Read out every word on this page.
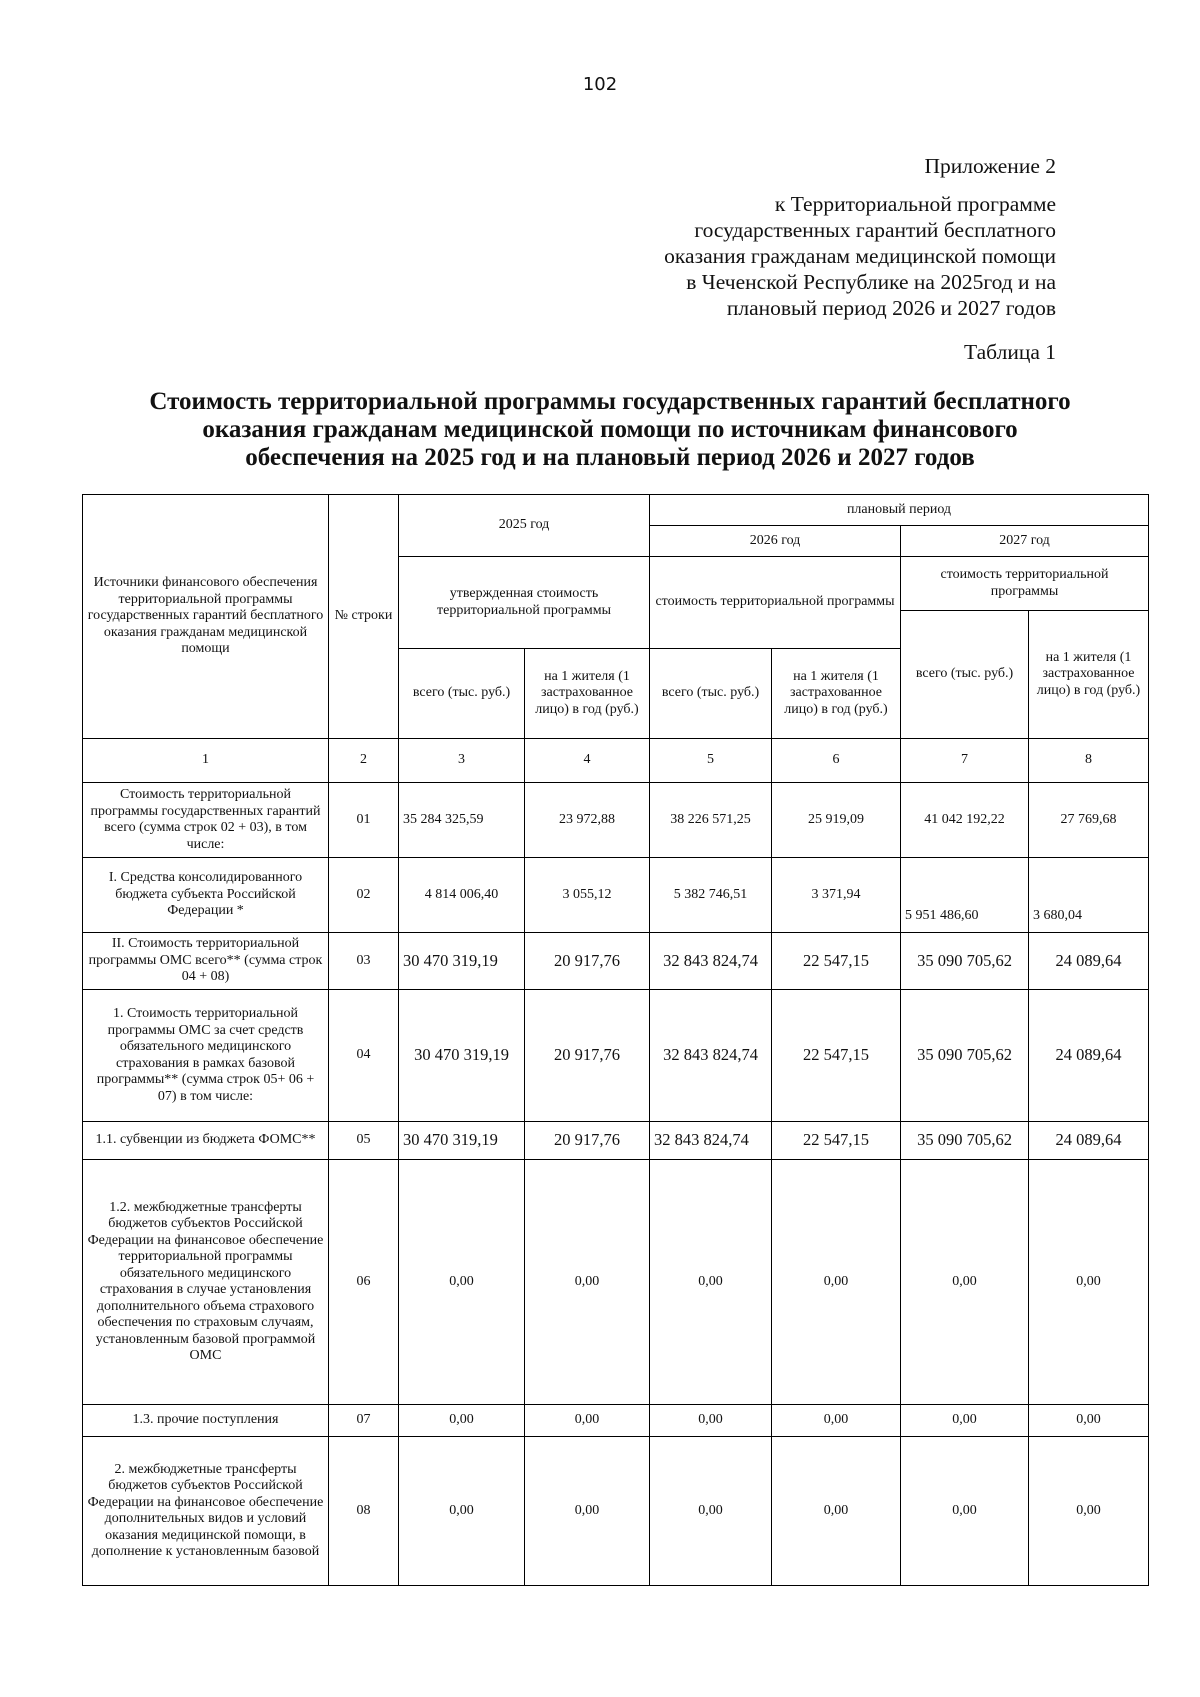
102
Приложение 2
к Территориальной программе
государственных гарантий бесплатного
оказания гражданам медицинской помощи
в Чеченской Республике на 2025год и на
плановый период 2026 и 2027 годов
Таблица 1
Стоимость территориальной программы государственных гарантий бесплатного
оказания гражданам медицинской помощи по источникам финансового
обеспечения на 2025 год и на плановый период 2026 и 2027 годов
Источники финансового обеспечения территориальной программы государственных гарантий бесплатного оказания гражданам медицинской помощи	№ строки	2025 год		плановый период			
				2026 год		2027 год	
		утвержденная стоимость территориальной программы		стоимость территориальной программы		стоимость территориальной программы	
						всего (тыс. руб.)	на 1 жителя (1 застрахованное лицо) в год (руб.)
		всего (тыс. руб.)	на 1 жителя (1 застрахованное лицо) в год (руб.)	всего (тыс. руб.)	на 1 жителя (1 застрахованное лицо) в год (руб.)		
1	2	3	4	5	6	7	8
Стоимость территориальной программы государственных гарантий всего (сумма строк 02 + 03), в том числе:	01	35 284 325,59	23 972,88	38 226 571,25	25 919,09	41 042 192,22	27 769,68
I. Средства консолидированного бюджета субъекта Российской Федерации *	02	4 814 006,40	3 055,12	5 382 746,51	3 371,94	5 951 486,60	3 680,04
II. Стоимость территориальной программы ОМС всего** (сумма строк 04 + 08)	03	30 470 319,19	20 917,76	32 843 824,74	22 547,15	35 090 705,62	24 089,64
1. Стоимость территориальной программы ОМС за счет средств обязательного медицинского страхования в рамках базовой программы** (сумма строк 05+ 06 + 07) в том числе:	04	30 470 319,19	20 917,76	32 843 824,74	22 547,15	35 090 705,62	24 089,64
1.1. субвенции из бюджета ФОМС**	05	30 470 319,19	20 917,76	32 843 824,74	22 547,15	35 090 705,62	24 089,64
1.2. межбюджетные трансферты бюджетов субъектов Российской Федерации на финансовое обеспечение территориальной программы обязательного медицинского страхования в случае установления дополнительного объема страхового обеспечения по страховым случаям, установленным базовой программой ОМС	06	0,00	0,00	0,00	0,00	0,00	0,00
1.3. прочие поступления	07	0,00	0,00	0,00	0,00	0,00	0,00
2. межбюджетные трансферты бюджетов субъектов Российской Федерации на финансовое обеспечение дополнительных видов и условий оказания медицинской помощи, в дополнение к установленным базовой	08	0,00	0,00	0,00	0,00	0,00	0,00
